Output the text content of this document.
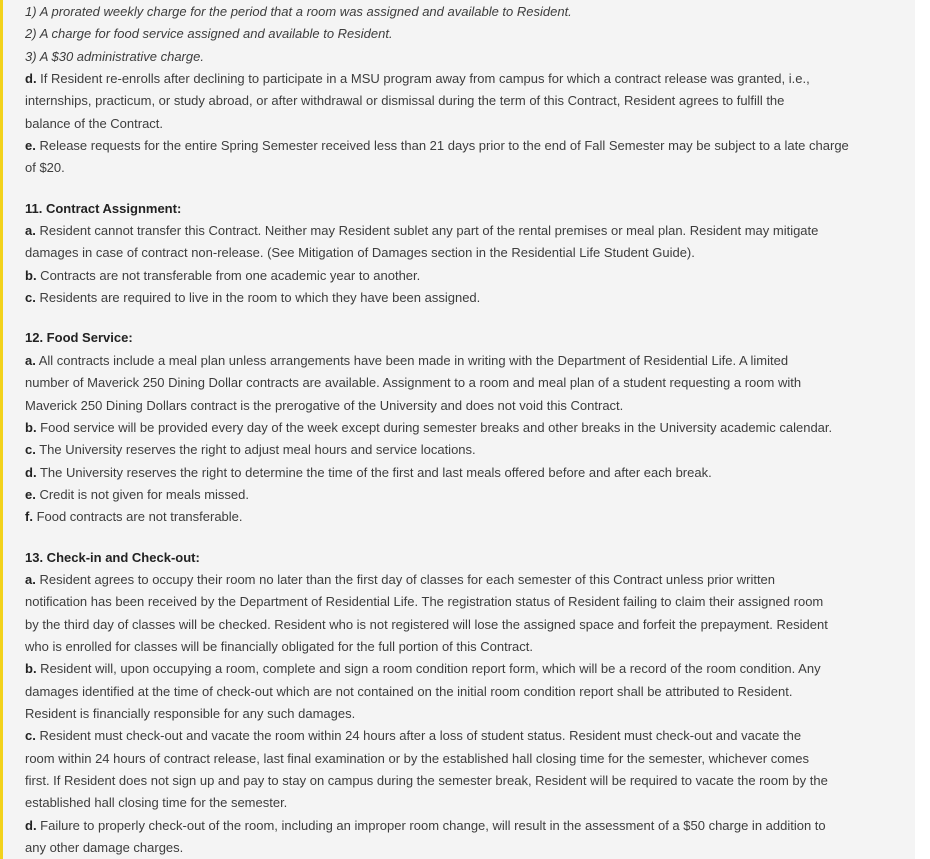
1) A prorated weekly charge for the period that a room was assigned and available to Resident.
2) A charge for food service assigned and available to Resident.
3) A $30 administrative charge.
d. If Resident re-enrolls after declining to participate in a MSU program away from campus for which a contract release was granted, i.e.,
internships, practicum, or study abroad, or after withdrawal or dismissal during the term of this Contract, Resident agrees to fulfill the
balance of the Contract.
e. Release requests for the entire Spring Semester received less than 21 days prior to the end of Fall Semester may be subject to a late charge
of $20.
11. Contract Assignment:
a. Resident cannot transfer this Contract. Neither may Resident sublet any part of the rental premises or meal plan. Resident may mitigate
damages in case of contract non-release. (See Mitigation of Damages section in the Residential Life Student Guide).
b. Contracts are not transferable from one academic year to another.
c. Residents are required to live in the room to which they have been assigned.
12. Food Service:
a. All contracts include a meal plan unless arrangements have been made in writing with the Department of Residential Life. A limited
number of Maverick 250 Dining Dollar contracts are available. Assignment to a room and meal plan of a student requesting a room with
Maverick 250 Dining Dollars contract is the prerogative of the University and does not void this Contract.
b. Food service will be provided every day of the week except during semester breaks and other breaks in the University academic calendar.
c. The University reserves the right to adjust meal hours and service locations.
d. The University reserves the right to determine the time of the first and last meals offered before and after each break.
e. Credit is not given for meals missed.
f. Food contracts are not transferable.
13. Check-in and Check-out:
a. Resident agrees to occupy their room no later than the first day of classes for each semester of this Contract unless prior written
notification has been received by the Department of Residential Life. The registration status of Resident failing to claim their assigned room
by the third day of classes will be checked. Resident who is not registered will lose the assigned space and forfeit the prepayment. Resident
who is enrolled for classes will be financially obligated for the full portion of this Contract.
b. Resident will, upon occupying a room, complete and sign a room condition report form, which will be a record of the room condition. Any
damages identified at the time of check-out which are not contained on the initial room condition report shall be attributed to Resident.
Resident is financially responsible for any such damages.
c. Resident must check-out and vacate the room within 24 hours after a loss of student status. Resident must check-out and vacate the
room within 24 hours of contract release, last final examination or by the established hall closing time for the semester, whichever comes
first. If Resident does not sign up and pay to stay on campus during the semester break, Resident will be required to vacate the room by the
established hall closing time for the semester.
d. Failure to properly check-out of the room, including an improper room change, will result in the assessment of a $50 charge in addition to
any other damage charges.
